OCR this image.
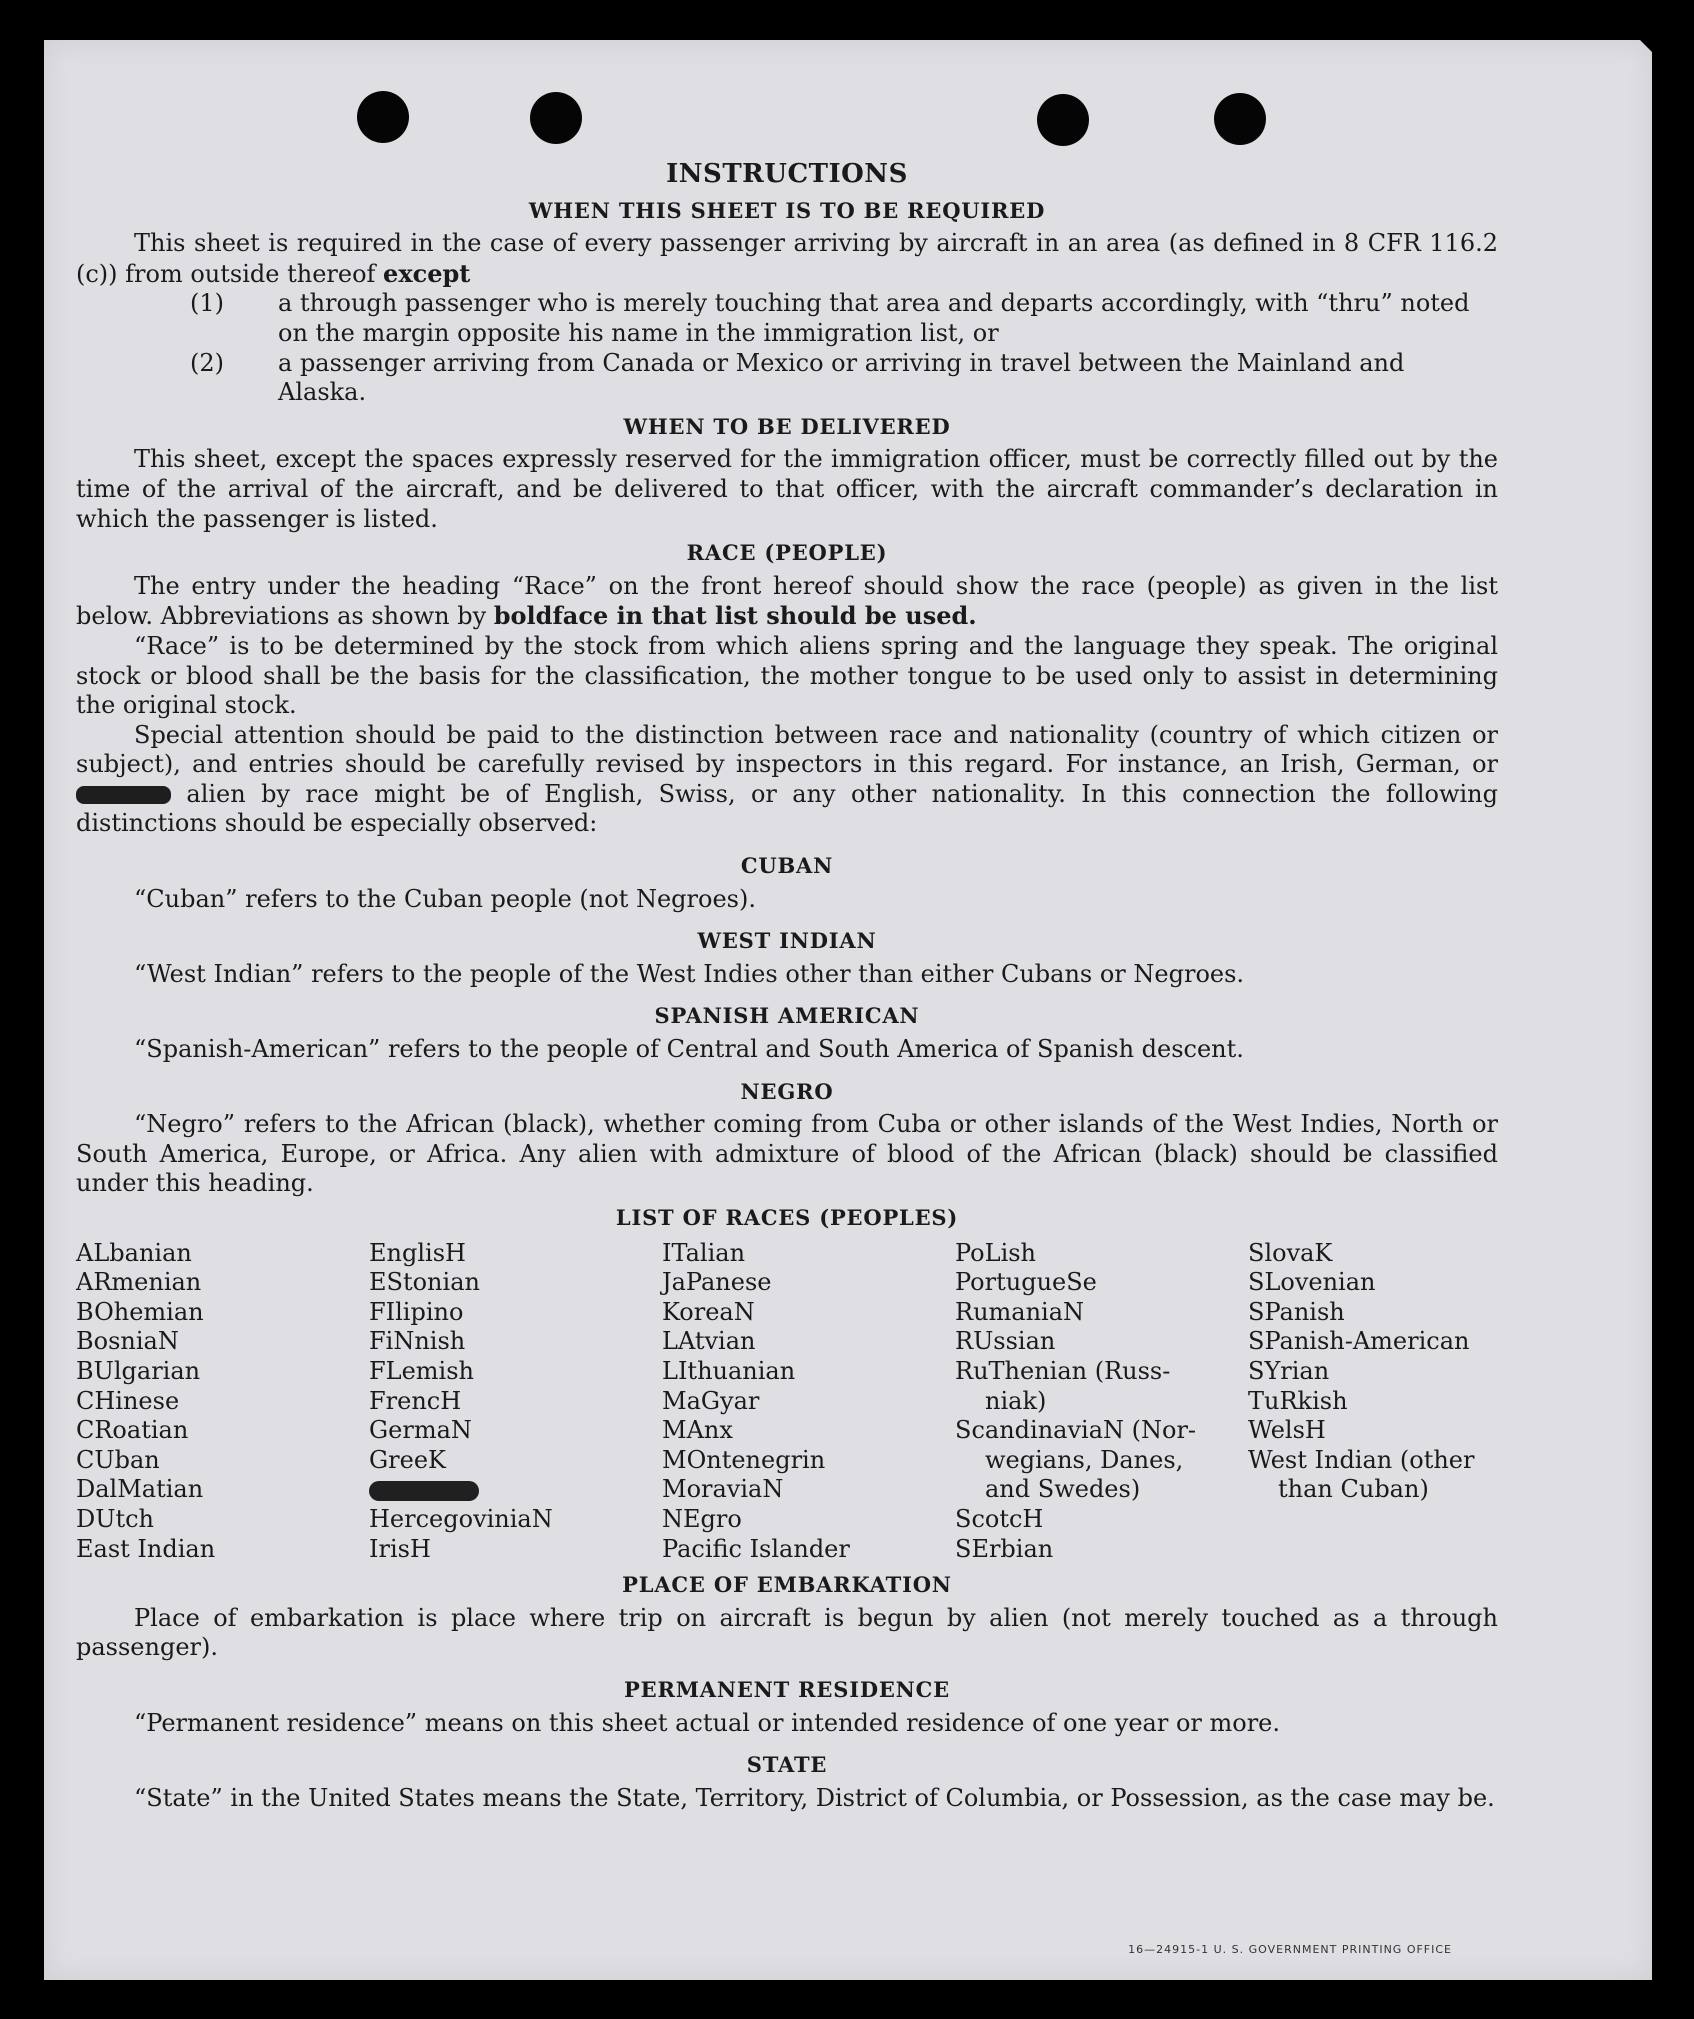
INSTRUCTIONS
WHEN THIS SHEET IS TO BE REQUIRED

This sheet is required in the case of every passenger arriving by aircraft in an area (as defined in 8 CFR 116.2 (c)) from outside thereof except

(1) a through passenger who is merely touching that area and departs accordingly, with “thru” noted on the margin opposite his name in the immigration list, or
(2) a passenger arriving from Canada or Mexico or arriving in travel between the Mainland and Alaska.
WHEN TO BE DELIVERED

This sheet, except the spaces expressly reserved for the immigration officer, must be correctly filled out by the time of the arrival of the aircraft, and be delivered to that officer, with the aircraft commander’s declaration in which the passenger is listed.

RACE (PEOPLE)

The entry under the heading “Race” on the front hereof should show the race (people) as given in the list below. Abbreviations as shown by boldface in that list should be used.

“Race” is to be determined by the stock from which aliens spring and the language they speak. The original stock or blood shall be the basis for the classification, the mother tongue to be used only to assist in determining the original stock.

Special attention should be paid to the distinction between race and nationality (country of which citizen or subject), and entries should be carefully revised by inspectors in this regard. For instance, an Irish, German, or  alien by race might be of English, Swiss, or any other nationality. In this connection the following distinctions should be especially observed:

CUBAN

“Cuban” refers to the Cuban people (not Negroes).

WEST INDIAN

“West Indian” refers to the people of the West Indies other than either Cubans or Negroes.

SPANISH AMERICAN

“Spanish-American” refers to the people of Central and South America of Spanish descent.

NEGRO

“Negro” refers to the African (black), whether coming from Cuba or other islands of the West Indies, North or South America, Europe, or Africa. Any alien with admixture of blood of the African (black) should be classified under this heading.

LIST OF RACES (PEOPLES)
ALbanian
ARmenian
BOhemian
BosniaN
BUlgarian
CHinese
CRoatian
CUban
DalMatian
DUtch
East Indian
EnglisH
EStonian
FIlipino
FiNnish
FLemish
FrencH
GermaN
GreeK
HercegoviniaN
IrisH
ITalian
JaPanese
KoreaN
LAtvian
LIthuanian
MaGyar
MAnx
MOntenegrin
MoraviaN
NEgro
Pacific Islander
PoLish
PortugueSe
RumaniaN
RUssian
RuThenian (Russ-
niak)
ScandinaviaN (Nor-
wegians, Danes,
and Swedes)
ScotcH
SErbian
SlovaK
SLovenian
SPanish
SPanish-American
SYrian
TuRkish
WelsH
West Indian (other
than Cuban)
PLACE OF EMBARKATION

Place of embarkation is place where trip on aircraft is begun by alien (not merely touched as a through passenger).

PERMANENT RESIDENCE

“Permanent residence” means on this sheet actual or intended residence of one year or more.

STATE

“State” in the United States means the State, Territory, District of Columbia, or Possession, as the case may be.

16—24915-1 U. S. GOVERNMENT PRINTING OFFICE
